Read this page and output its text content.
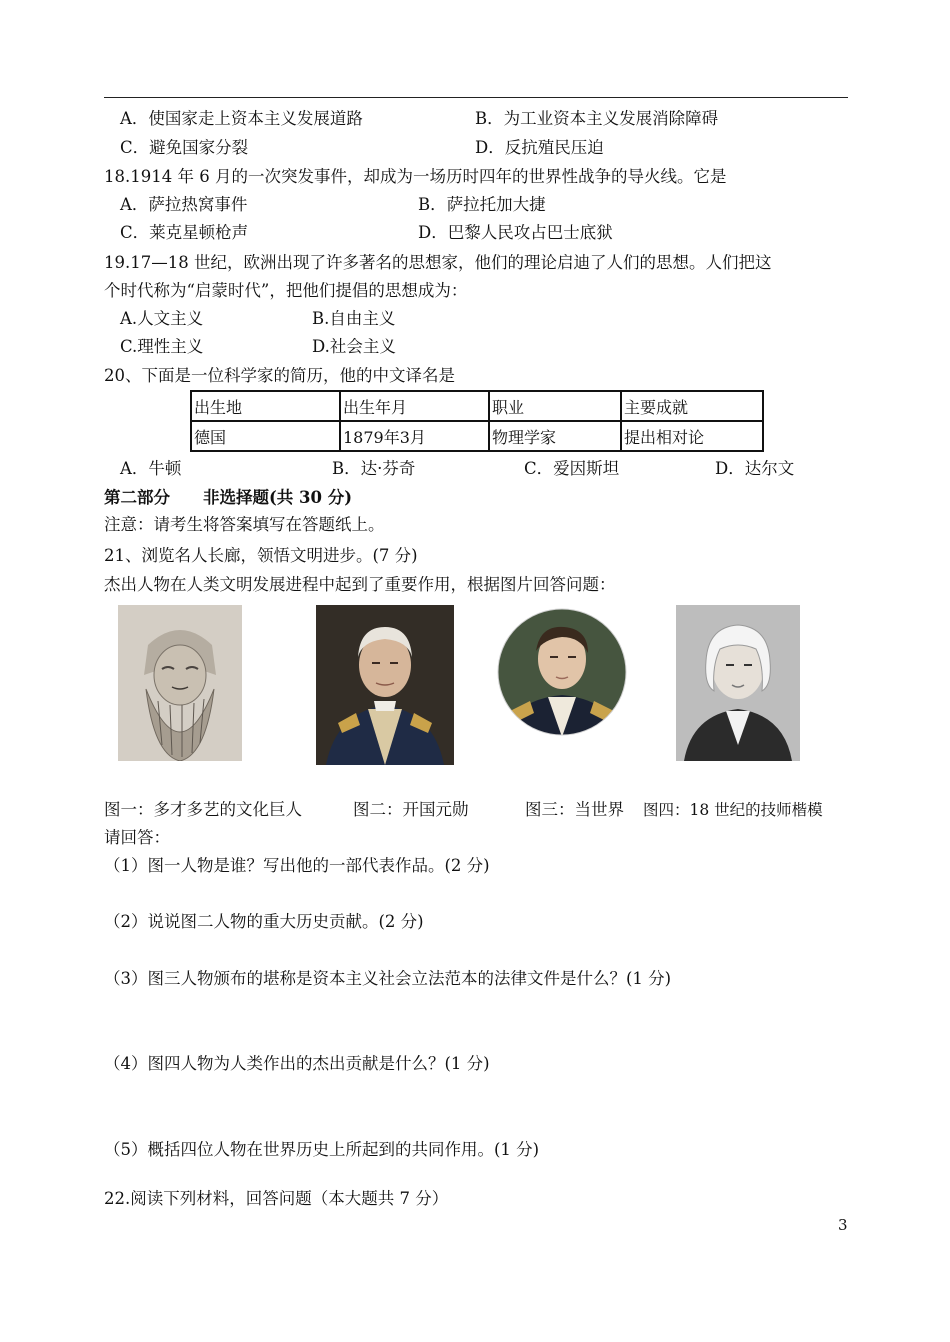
A．使国家走上资本主义发展道路	B．为工业资本主义发展消除障碍
C．避免国家分裂	D．反抗殖民压迫
18.1914 年 6 月的一次突发事件，却成为一场历时四年的世界性战争的导火线。它是
A．萨拉热窝事件	B．萨拉托加大捷
C．莱克星顿枪声	D．巴黎人民攻占巴士底狱
19.17—18 世纪，欧洲出现了许多著名的思想家，他们的理论启迪了人们的思想。人们把这
个时代称为“启蒙时代”，把他们提倡的思想成为：
A.人文主义	B.自由主义
C.理性主义	D.社会主义
20、下面是一位科学家的简历，他的中文译名是
出生地	出生年月	职业	主要成就
德国	1879年3月	物理学家	提出相对论
A．牛顿	B．达·芬奇	C．爱因斯坦	D．达尔文
第二部分　　非选择题(共 30 分)
注意：请考生将答案填写在答题纸上。
21、浏览名人长廊，领悟文明进步。(7 分)
杰出人物在人类文明发展进程中起到了重要作用，根据图片回答问题：
图一：多才多艺的文化巨人	图二：开国元勋	图三：当世界	图四：18 世纪的技师楷模
请回答：
（1）图一人物是谁？写出他的一部代表作品。(2 分)
（2）说说图二人物的重大历史贡献。(2 分)
（3）图三人物颁布的堪称是资本主义社会立法范本的法律文件是什么？(1 分)
（4）图四人物为人类作出的杰出贡献是什么？(1 分)
（5）概括四位人物在世界历史上所起到的共同作用。(1 分)
22.阅读下列材料，回答问题（本大题共 7 分）
3
